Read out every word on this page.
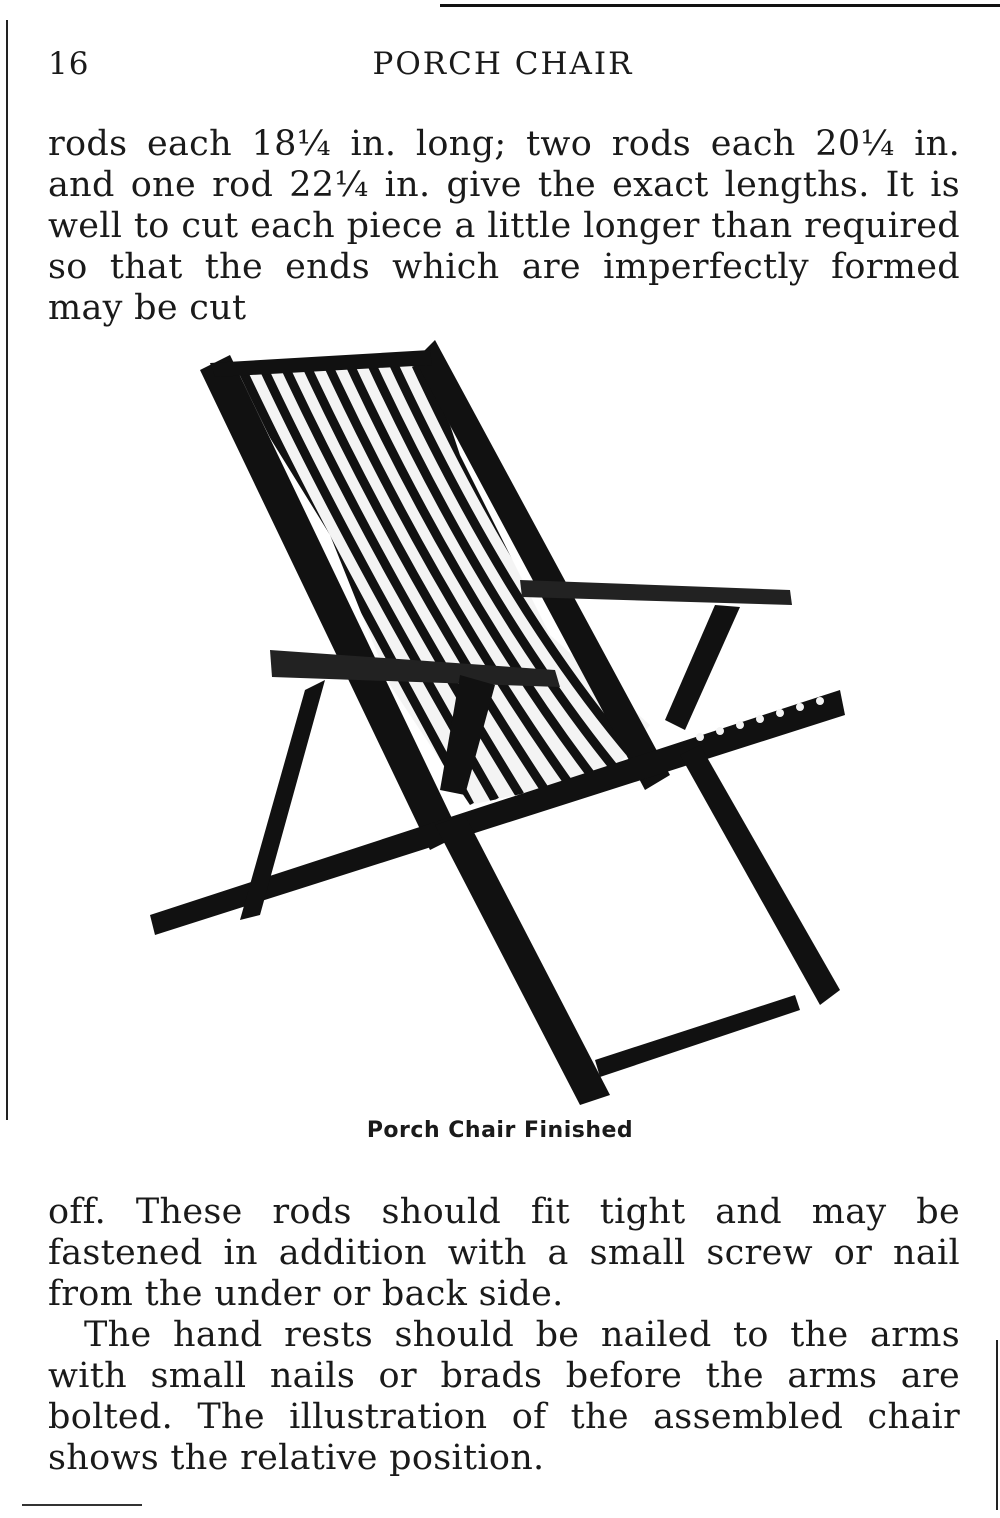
16	PORCH CHAIR

rods each 18¼ in. long; two rods each 20¼ in. and one rod 22¼ in. give the exact lengths. It is well to cut each piece a little longer than required so that the ends which are imperfectly formed may be cut

Porch Chair Finished

off. These rods should fit tight and may be fastened in addition with a small screw or nail from the under or back side.

The hand rests should be nailed to the arms with small nails or brads before the arms are bolted. The illustration of the assembled chair shows the relative position.
